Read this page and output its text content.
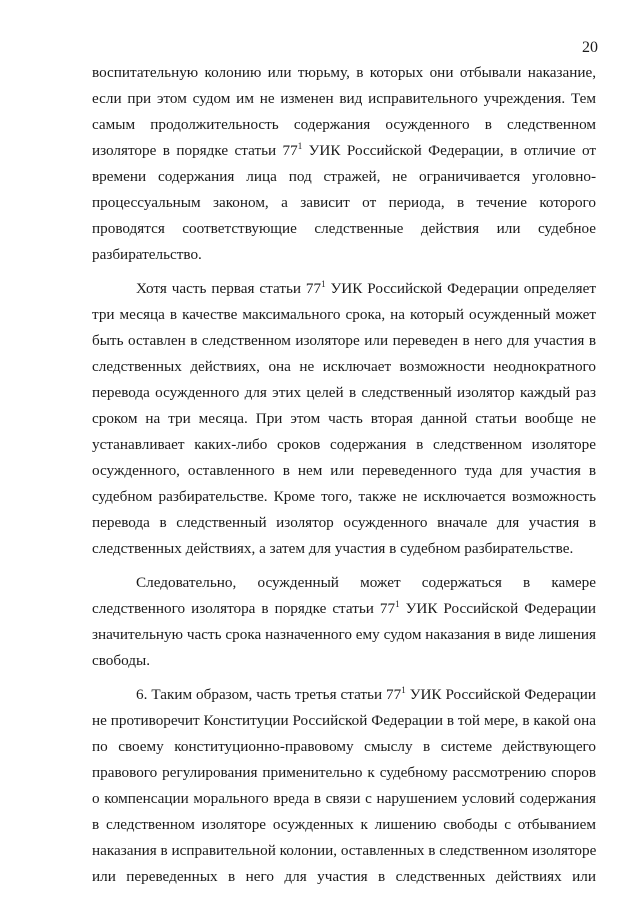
20
воспитательную колонию или тюрьму, в которых они отбывали наказание,
если при этом судом им не изменен вид исправительного учреждения. Тем
самым продолжительность содержания осужденного в следственном
изоляторе в порядке статьи $77^1$ УИК Российской Федерации, в отличие от
времени содержания лица под стражей, не ограничивается уголовно-
процессуальным законом, а зависит от периода, в течение которого
проводятся соответствующие следственные действия или судебное
разбирательство.
Хотя часть первая статьи $77^1$ УИК Российской Федерации определяет
три месяца в качестве максимального срока, на который осужденный может
быть оставлен в следственном изоляторе или переведен в него для участия в
следственных действиях, она не исключает возможности неоднократного
перевода осужденного для этих целей в следственный изолятор каждый раз
сроком на три месяца. При этом часть вторая данной статьи вообще не
устанавливает каких-либо сроков содержания в следственном изоляторе
осужденного, оставленного в нем или переведенного туда для участия в
судебном разбирательстве. Кроме того, также не исключается возможность
перевода в следственный изолятор осужденного вначале для участия в
следственных действиях, а затем для участия в судебном разбирательстве.
Следовательно, осужденный может содержаться в камере
следственного изолятора в порядке статьи $77^1$ УИК Российской Федерации
значительную часть срока назначенного ему судом наказания в виде лишения
свободы.
6. Таким образом, часть третья статьи $77^1$ УИК Российской Федерации
не противоречит Конституции Российской Федерации в той мере, в какой она
по своему конституционно-правовому смыслу в системе действующего
правового регулирования применительно к судебному рассмотрению споров
о компенсации морального вреда в связи с нарушением условий содержания
в следственном изоляторе осужденных к лишению свободы с отбыванием
наказания в исправительной колонии, оставленных в следственном изоляторе
или переведенных в него для участия в следственных действиях или
